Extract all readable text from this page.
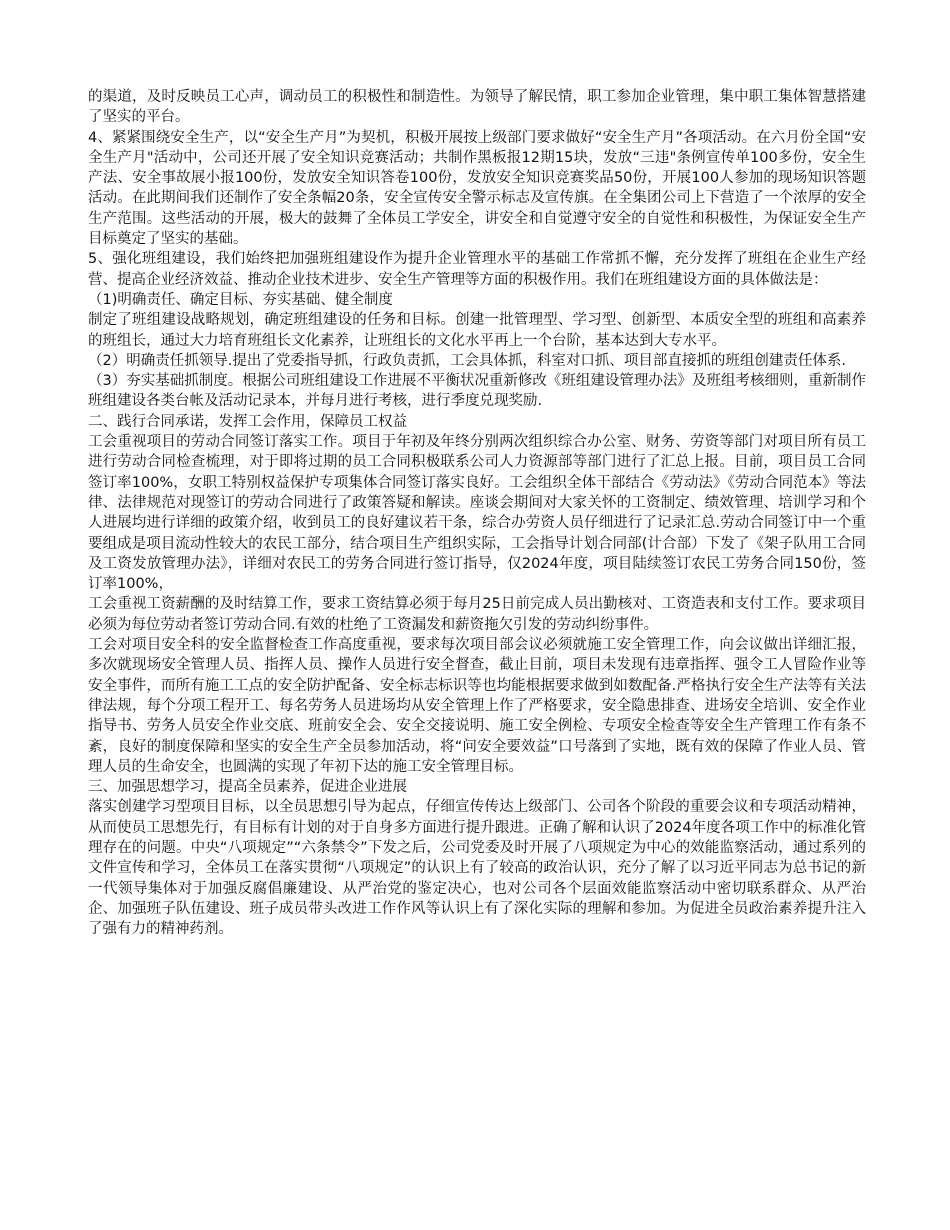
的渠道，及时反映员工心声，调动员工的积极性和制造性。为领导了解民情，职工参加企业管理，集中职工集体智慧搭建了坚实的平台。

4、紧紧围绕安全生产，以“安全生产月”为契机，积极开展按上级部门要求做好“安全生产月”各项活动。在六月份全国“安全生产月"活动中，公司还开展了安全知识竞赛活动；共制作黑板报12期15块，发放“三违"条例宣传单100多份，安全生产法、安全事故展小报100份，发放安全知识答卷100份，发放安全知识竞赛奖品50份，开展100人参加的现场知识答题活动。在此期间我们还制作了安全条幅20条，安全宣传安全警示标志及宣传旗。在全集团公司上下营造了一个浓厚的安全生产范围。这些活动的开展，极大的鼓舞了全体员工学安全，讲安全和自觉遵守安全的自觉性和积极性，为保证安全生产目标奠定了坚实的基础。

5、强化班组建设，我们始终把加强班组建设作为提升企业管理水平的基础工作常抓不懈，充分发挥了班组在企业生产经营、提高企业经济效益、推动企业技术进步、安全生产管理等方面的积极作用。我们在班组建设方面的具体做法是：

（1)明确责任、确定目标、夯实基础、健全制度

制定了班组建设战略规划，确定班组建设的任务和目标。创建一批管理型、学习型、创新型、本质安全型的班组和高素养的班组长，通过大力培育班组长文化素养，让班组长的文化水平再上一个台阶，基本达到大专水平。

（2）明确责任抓领导.提出了党委指导抓，行政负责抓，工会具体抓，科室对口抓、项目部直接抓的班组创建责任体系.

（3）夯实基础抓制度。根据公司班组建设工作进展不平衡状况重新修改《班组建设管理办法》及班组考核细则，重新制作班组建设各类台帐及活动记录本，并每月进行考核，进行季度兑现奖励.

二、践行合同承诺，发挥工会作用，保障员工权益

工会重视项目的劳动合同签订落实工作。项目于年初及年终分别两次组织综合办公室、财务、劳资等部门对项目所有员工进行劳动合同检查梳理，对于即将过期的员工合同积极联系公司人力资源部等部门进行了汇总上报。目前，项目员工合同签订率100%，女职工特别权益保护专项集体合同签订落实良好。工会组织全体干部结合《劳动法》《劳动合同范本》等法律、法律规范对现签订的劳动合同进行了政策答疑和解读。座谈会期间对大家关怀的工资制定、绩效管理、培训学习和个人进展均进行详细的政策介绍，收到员工的良好建议若干条，综合办劳资人员仔细进行了记录汇总.劳动合同签订中一个重要组成是项目流动性较大的农民工部分，结合项目生产组织实际，工会指导计划合同部(计合部）下发了《架子队用工合同及工资发放管理办法》，详细对农民工的劳务合同进行签订指导，仅2024年度，项目陆续签订农民工劳务合同150份，签订率100%，

工会重视工资薪酬的及时结算工作，要求工资结算必须于每月25日前完成人员出勤核对、工资造表和支付工作。要求项目必须为每位劳动者签订劳动合同.有效的杜绝了工资漏发和薪资拖欠引发的劳动纠纷事件。

工会对项目安全科的安全监督检查工作高度重视，要求每次项目部会议必须就施工安全管理工作，向会议做出详细汇报，多次就现场安全管理人员、指挥人员、操作人员进行安全督查，截止目前，项目未发现有违章指挥、强令工人冒险作业等安全事件，而所有施工工点的安全防护配备、安全标志标识等也均能根据要求做到如数配备.严格执行安全生产法等有关法律法规，每个分项工程开工、每名劳务人员进场均从安全管理上作了严格要求，安全隐患排查、进场安全培训、安全作业指导书、劳务人员安全作业交底、班前安全会、安全交接说明、施工安全例检、专项安全检查等安全生产管理工作有条不紊，良好的制度保障和坚实的安全生产全员参加活动，将“问安全要效益”口号落到了实地，既有效的保障了作业人员、管理人员的生命安全，也圆满的实现了年初下达的施工安全管理目标。

三、加强思想学习，提高全员素养，促进企业进展

落实创建学习型项目目标，以全员思想引导为起点，仔细宣传传达上级部门、公司各个阶段的重要会议和专项活动精神，从而使员工思想先行，有目标有计划的对于自身多方面进行提升跟进。正确了解和认识了2024年度各项工作中的标准化管理存在的问题。中央“八项规定”“六条禁令”下发之后，公司党委及时开展了八项规定为中心的效能监察活动，通过系列的文件宣传和学习，全体员工在落实贯彻“八项规定”的认识上有了较高的政治认识，充分了解了以习近平同志为总书记的新一代领导集体对于加强反腐倡廉建设、从严治党的鉴定决心，也对公司各个层面效能监察活动中密切联系群众、从严治企、加强班子队伍建设、班子成员带头改进工作作风等认识上有了深化实际的理解和参加。为促进全员政治素养提升注入了强有力的精神药剂。
